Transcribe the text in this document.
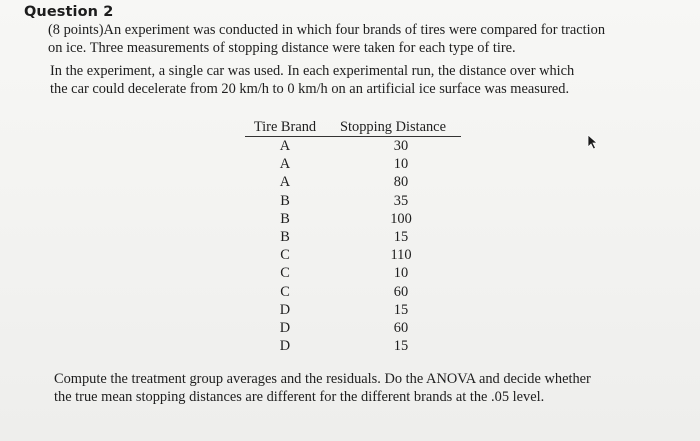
Question 2
(8 points)An experiment was conducted in which four brands of tires were compared for traction
on ice. Three measurements of stopping distance were taken for each type of tire.
In the experiment, a single car was used. In each experimental run, the distance over which
the car could decelerate from 20 km/h to 0 km/h on an artificial ice surface was measured.
Tire Brand	Stopping Distance
A	30
A	10
A	80
B	35
B	100
B	15
C	110
C	10
C	60
D	15
D	60
D	15
Compute the treatment group averages and the residuals. Do the ANOVA and decide whether
the true mean stopping distances are different for the different brands at the .05 level.
